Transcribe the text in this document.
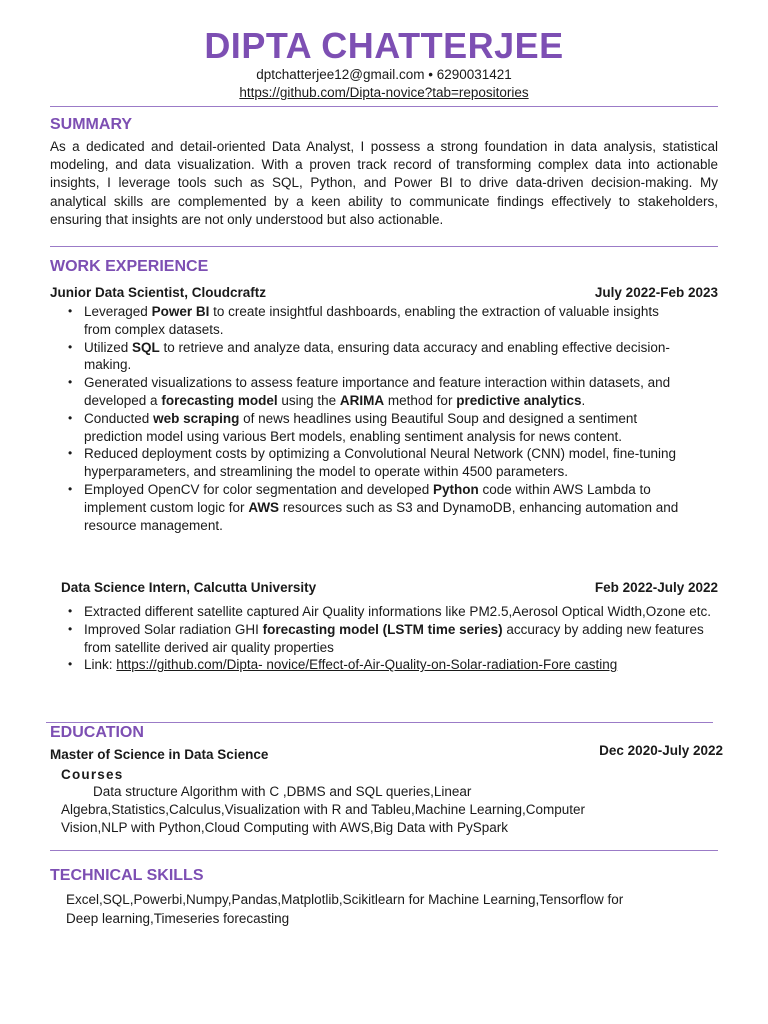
DIPTA CHATTERJEE
dptchatterjee12@gmail.com • 6290031421
https://github.com/Dipta-novice?tab=repositories
SUMMARY
As a dedicated and detail-oriented Data Analyst, I possess a strong foundation in data analysis, statistical modeling, and data visualization. With a proven track record of transforming complex data into actionable insights, I leverage tools such as SQL, Python, and Power BI to drive data-driven decision-making. My analytical skills are complemented by a keen ability to communicate findings effectively to stakeholders, ensuring that insights are not only understood but also actionable.
WORK EXPERIENCE
Junior Data Scientist, Cloudcraftz	July 2022-Feb 2023
• Leveraged Power BI to create insightful dashboards, enabling the extraction of valuable insights from complex datasets.
• Utilized SQL to retrieve and analyze data, ensuring data accuracy and enabling effective decision-making.
• Generated visualizations to assess feature importance and feature interaction within datasets, and developed a forecasting model using the ARIMA method for predictive analytics.
• Conducted web scraping of news headlines using Beautiful Soup and designed a sentiment prediction model using various Bert models, enabling sentiment analysis for news content.
• Reduced deployment costs by optimizing a Convolutional Neural Network (CNN) model, fine-tuning hyperparameters, and streamlining the model to operate within 4500 parameters.
• Employed OpenCV for color segmentation and developed Python code within AWS Lambda to implement custom logic for AWS resources such as S3 and DynamoDB, enhancing automation and resource management.
Data Science Intern, Calcutta University	Feb 2022-July 2022
• Extracted different satellite captured Air Quality informations like PM2.5,Aerosol Optical Width,Ozone etc.
• Improved Solar radiation GHI forecasting model (LSTM time series) accuracy by adding new features from satellite derived air quality properties
• Link: https://github.com/Dipta- novice/Effect-of-Air-Quality-on-Solar-radiation-Fore casting
EDUCATION
Master of Science in Data Science	Dec 2020-July 2022
Courses
Data structure Algorithm with C ,DBMS and SQL queries,Linear
Algebra,Statistics,Calculus,Visualization with R and Tableu,Machine Learning,Computer
Vision,NLP with Python,Cloud Computing with AWS,Big Data with PySpark
TECHNICAL SKILLS
Excel,SQL,Powerbi,Numpy,Pandas,Matplotlib,Scikitlearn for Machine Learning,Tensorflow for
Deep learning,Timeseries forecasting
